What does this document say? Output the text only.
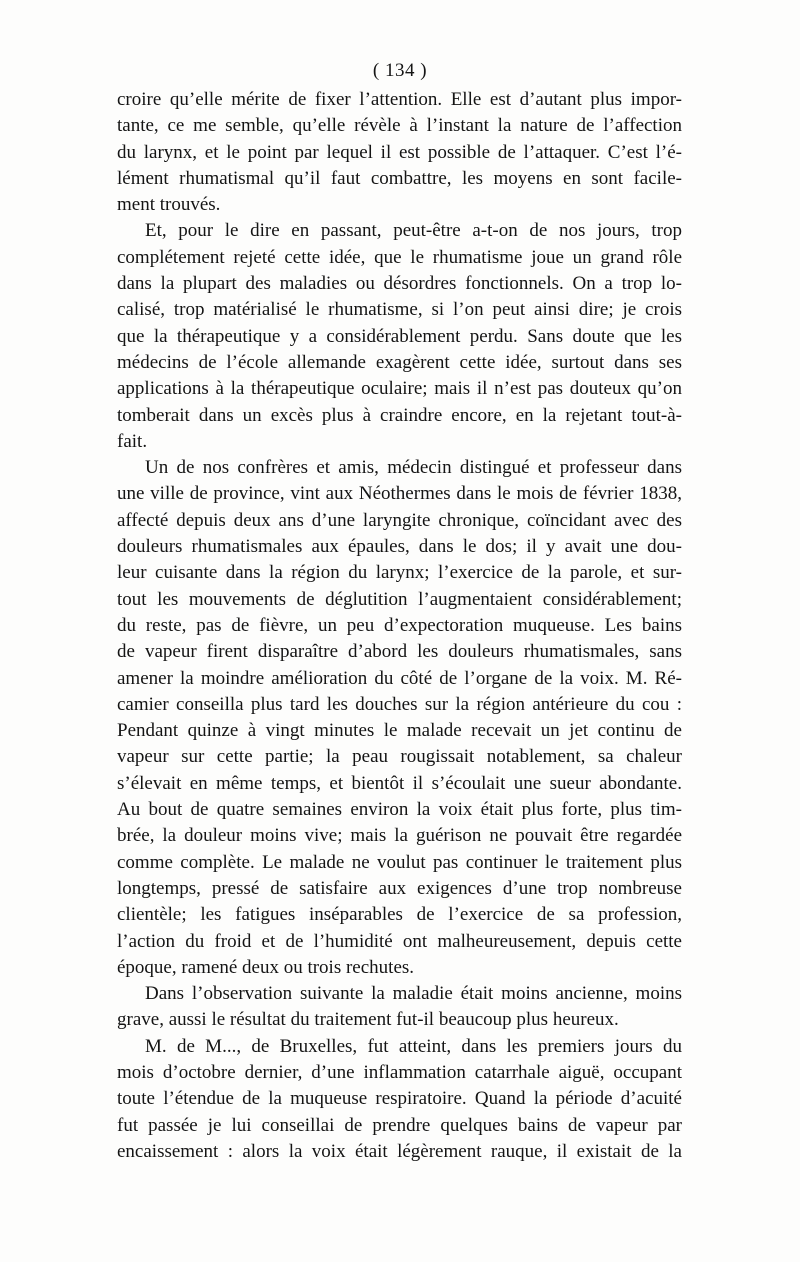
( 134 )
croire qu’elle mérite de fixer l’attention. Elle est d’autant plus impor-
tante, ce me semble, qu’elle révèle à l’instant la nature de l’affection
du larynx, et le point par lequel il est possible de l’attaquer. C’est l’é-
lément rhumatismal qu’il faut combattre, les moyens en sont facile-
ment trouvés.
Et, pour le dire en passant, peut-être a-t-on de nos jours, trop
complétement rejeté cette idée, que le rhumatisme joue un grand rôle
dans la plupart des maladies ou désordres fonctionnels. On a trop lo-
calisé, trop matérialisé le rhumatisme, si l’on peut ainsi dire; je crois
que la thérapeutique y a considérablement perdu. Sans doute que les
médecins de l’école allemande exagèrent cette idée, surtout dans ses
applications à la thérapeutique oculaire; mais il n’est pas douteux qu’on
tomberait dans un excès plus à craindre encore, en la rejetant tout-à-
fait.
Un de nos confrères et amis, médecin distingué et professeur dans
une ville de province, vint aux Néothermes dans le mois de février 1838,
affecté depuis deux ans d’une laryngite chronique, coïncidant avec des
douleurs rhumatismales aux épaules, dans le dos; il y avait une dou-
leur cuisante dans la région du larynx; l’exercice de la parole, et sur-
tout les mouvements de déglutition l’augmentaient considérablement;
du reste, pas de fièvre, un peu d’expectoration muqueuse. Les bains
de vapeur firent disparaître d’abord les douleurs rhumatismales, sans
amener la moindre amélioration du côté de l’organe de la voix. M. Ré-
camier conseilla plus tard les douches sur la région antérieure du cou :
Pendant quinze à vingt minutes le malade recevait un jet continu de
vapeur sur cette partie; la peau rougissait notablement, sa chaleur
s’élevait en même temps, et bientôt il s’écoulait une sueur abondante.
Au bout de quatre semaines environ la voix était plus forte, plus tim-
brée, la douleur moins vive; mais la guérison ne pouvait être regardée
comme complète. Le malade ne voulut pas continuer le traitement plus
longtemps, pressé de satisfaire aux exigences d’une trop nombreuse
clientèle; les fatigues inséparables de l’exercice de sa profession,
l’action du froid et de l’humidité ont malheureusement, depuis cette
époque, ramené deux ou trois rechutes.
Dans l’observation suivante la maladie était moins ancienne, moins
grave, aussi le résultat du traitement fut-il beaucoup plus heureux.
M. de M..., de Bruxelles, fut atteint, dans les premiers jours du
mois d’octobre dernier, d’une inflammation catarrhale aiguë, occupant
toute l’étendue de la muqueuse respiratoire. Quand la période d’acuité
fut passée je lui conseillai de prendre quelques bains de vapeur par
encaissement : alors la voix était légèrement rauque, il existait de la
